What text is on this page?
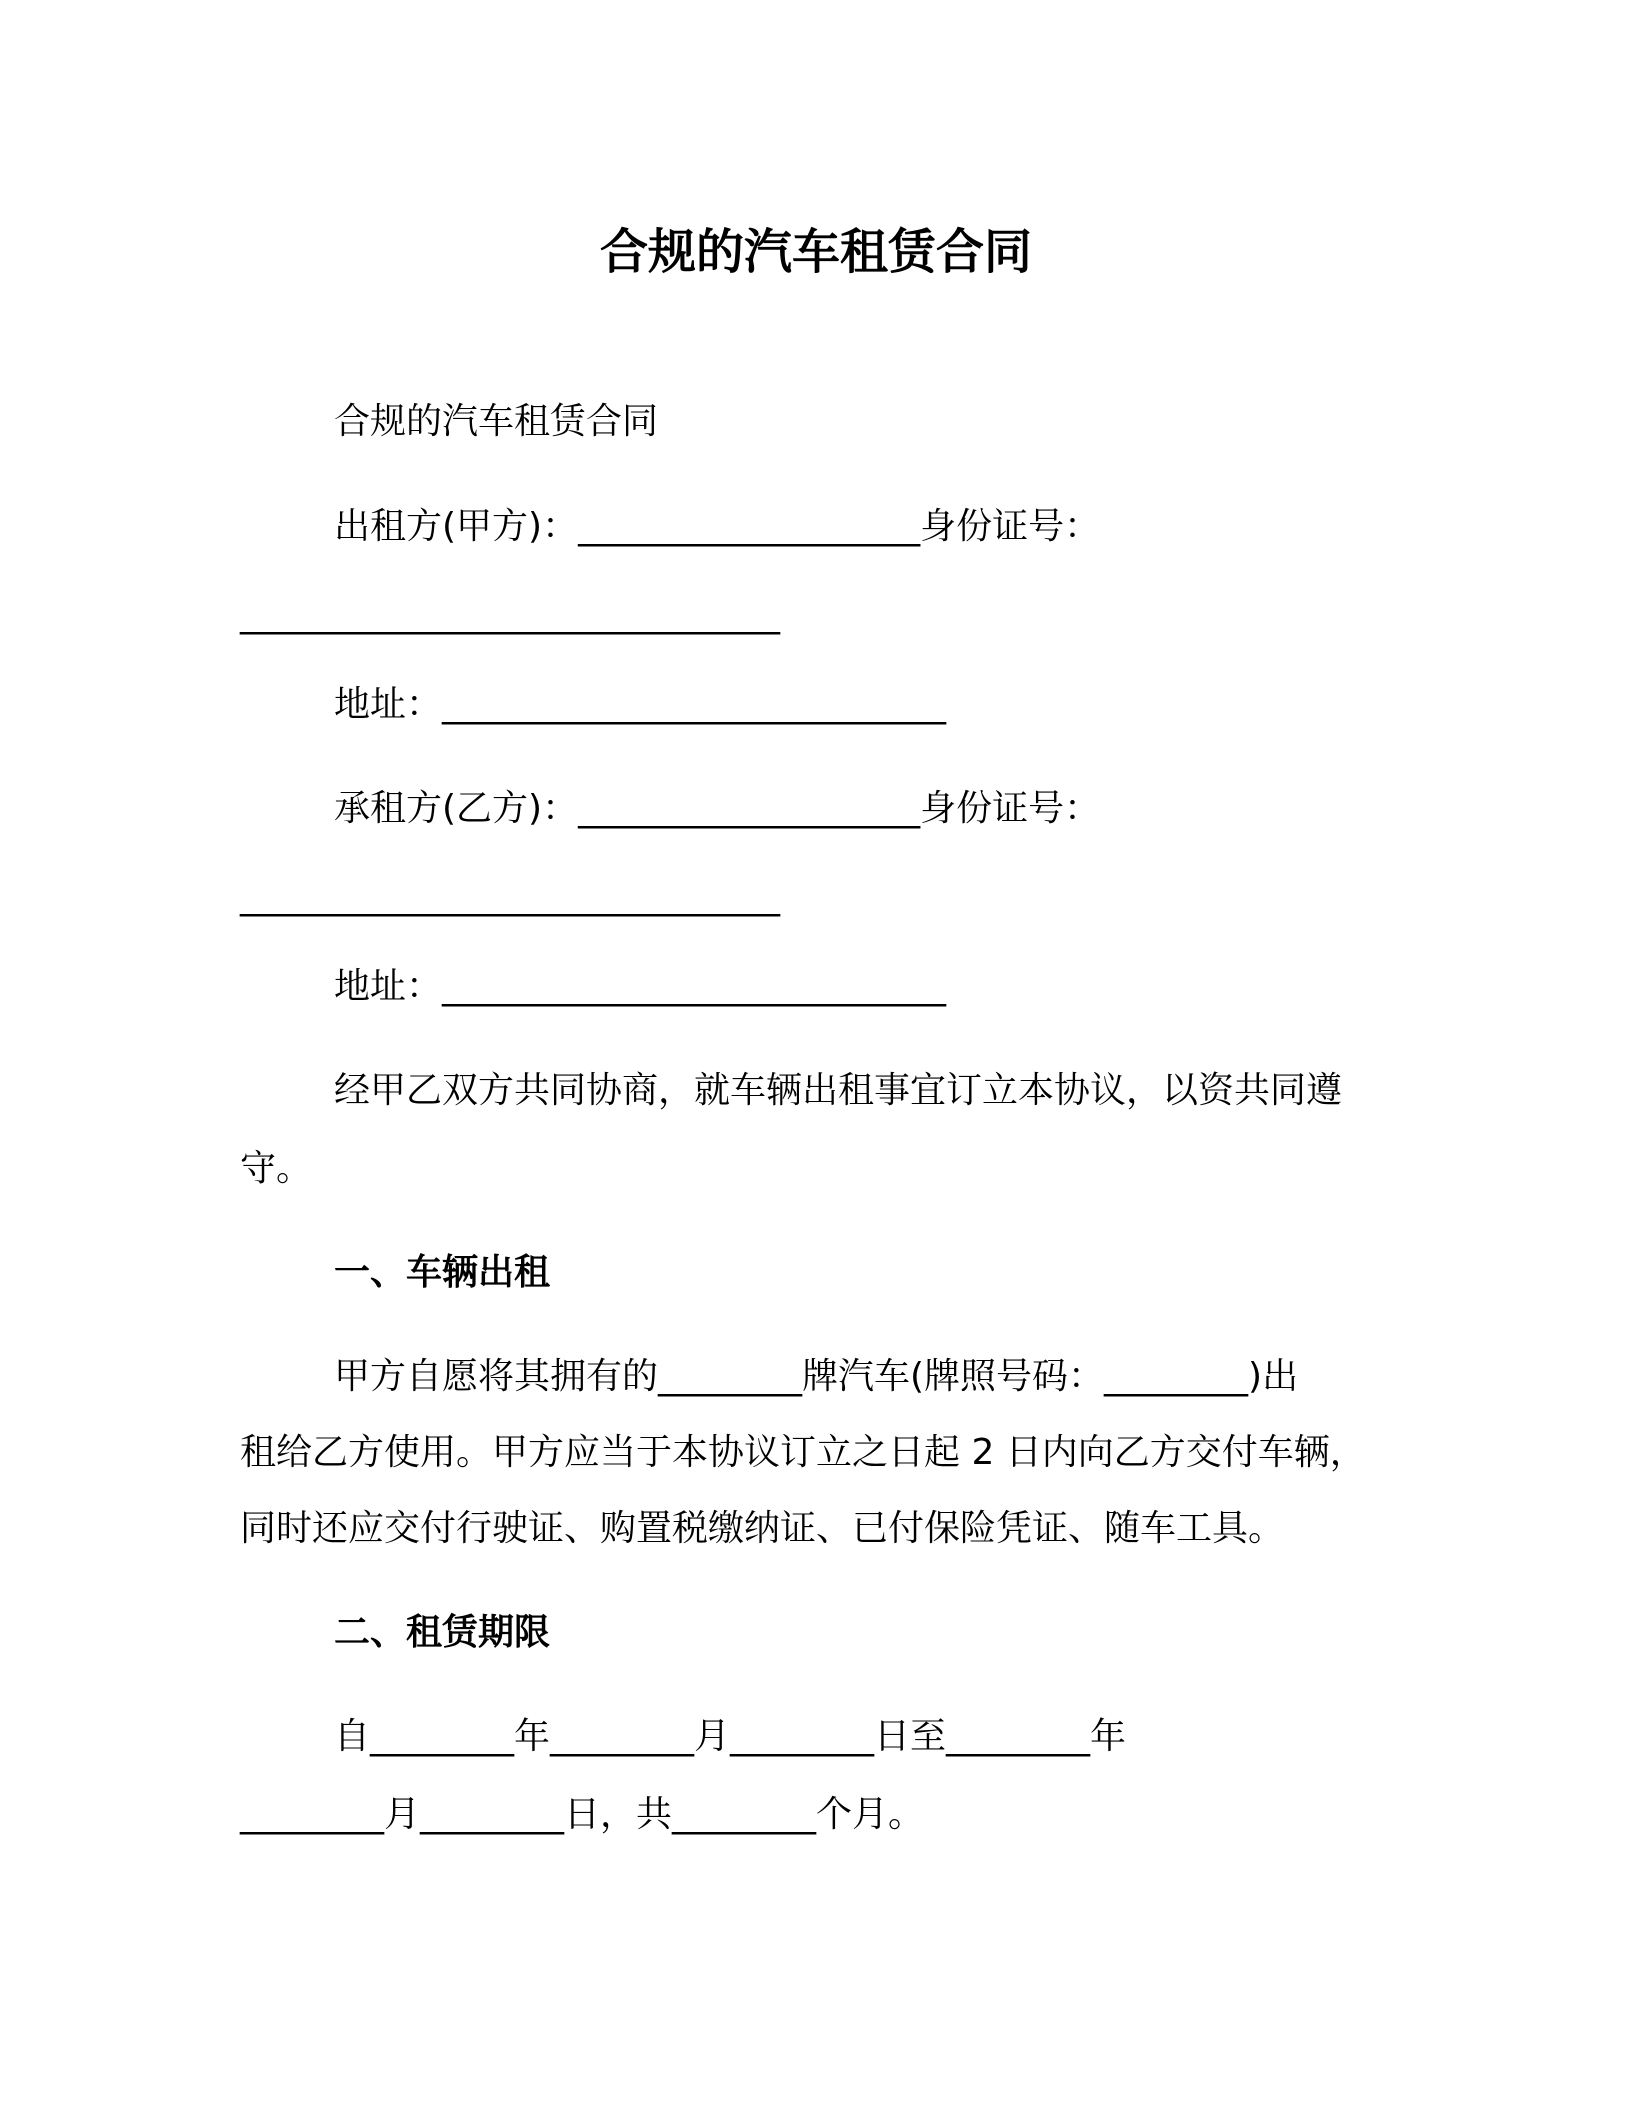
合规的汽车租赁合同
合规的汽车租赁合同
出租方(甲方)：___________________身份证号：
______________________________
地址：____________________________
承租方(乙方)：___________________身份证号：
______________________________
地址：____________________________
经甲乙双方共同协商，就车辆出租事宜订立本协议，以资共同遵
守。
一、车辆出租
甲方自愿将其拥有的________牌汽车(牌照号码：________)出
租给乙方使用。甲方应当于本协议订立之日起 2 日内向乙方交付车辆，
同时还应交付行驶证、购置税缴纳证、已付保险凭证、随车工具。
二、租赁期限
自________年________月________日至________年
________月________日，共________个月。
